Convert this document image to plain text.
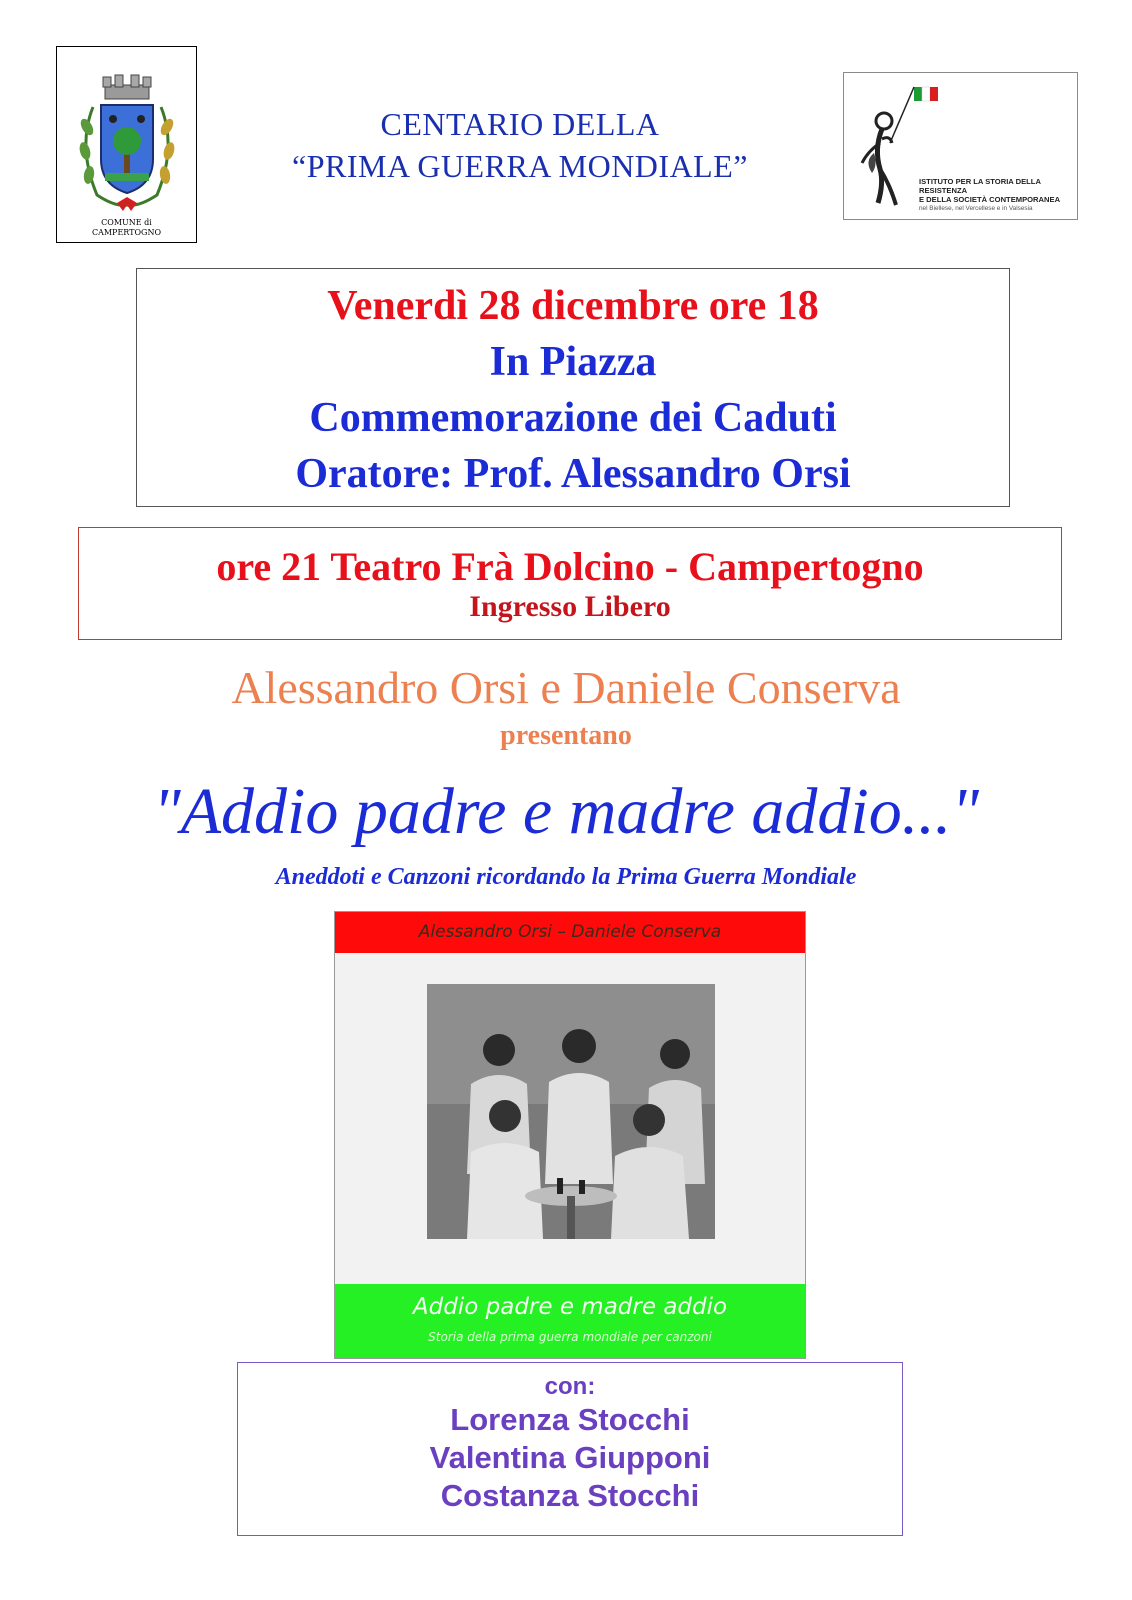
COMUNE di
CAMPERTOGNO
CENTARIO DELLA
“PRIMA GUERRA MONDIALE”	ISTITUTO PER LA STORIA DELLA RESISTENZA
E DELLA SOCIETÀ CONTEMPORANEA
nel Biellese, nel Vercellese e in Valsesia
Venerdì 28 dicembre ore 18
In Piazza
Commemorazione dei Caduti
Oratore: Prof. Alessandro Orsi
ore 21 Teatro Frà Dolcino - Campertogno
Ingresso Libero
Alessandro Orsi e Daniele Conserva
presentano
"Addio padre e madre addio..."
Aneddoti e Canzoni ricordando la Prima Guerra Mondiale
Alessandro Orsi – Daniele Conserva
Addio padre e madre addio
Storia della prima guerra mondiale per canzoni
con:
Lorenza Stocchi
Valentina Giupponi
Costanza Stocchi
